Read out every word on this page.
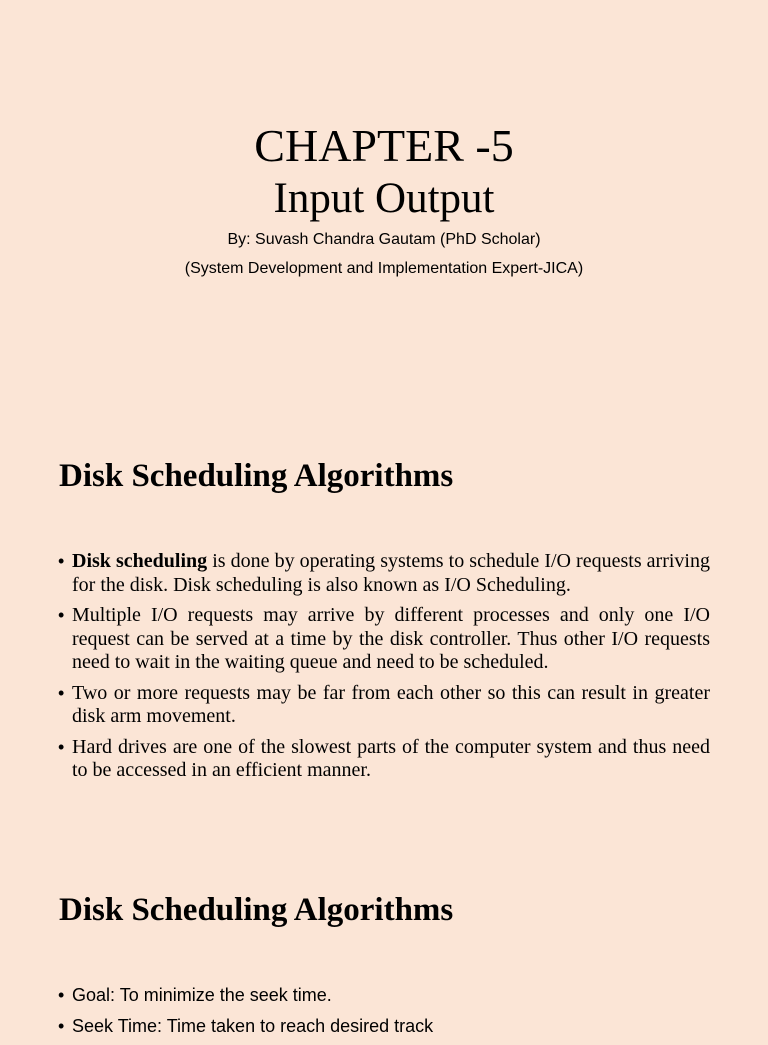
CHAPTER -5
Input Output
By: Suvash Chandra Gautam (PhD Scholar)
(System Development and Implementation Expert-JICA)
Disk Scheduling Algorithms
• Disk scheduling is done by operating systems to schedule I/O requests arriving for the disk. Disk scheduling is also known as I/O Scheduling.
• Multiple I/O requests may arrive by different processes and only one I/O request can be served at a time by the disk controller. Thus other I/O requests need to wait in the waiting queue and need to be scheduled.
• Two or more requests may be far from each other so this can result in greater disk arm movement.
• Hard drives are one of the slowest parts of the computer system and thus need to be accessed in an efficient manner.
Disk Scheduling Algorithms
• Goal: To minimize the seek time.
• Seek Time: Time taken to reach desired track
